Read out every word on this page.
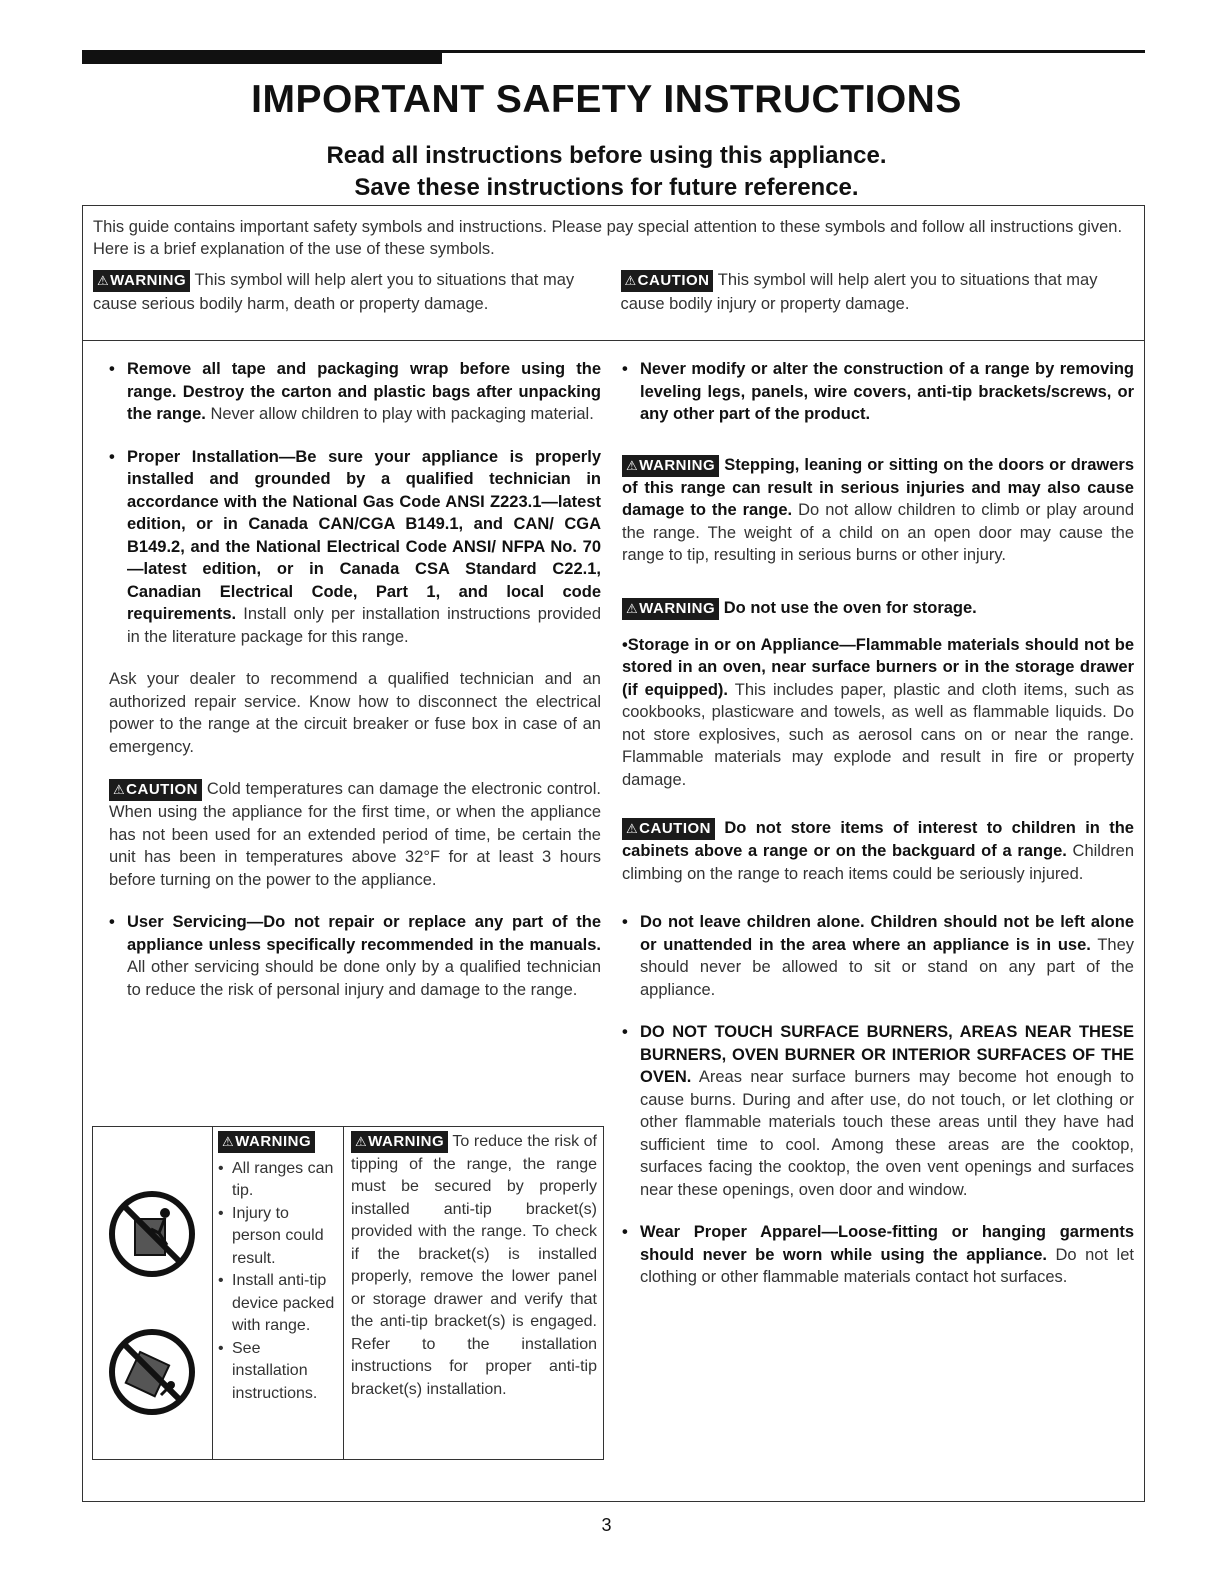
IMPORTANT SAFETY INSTRUCTIONS
Read all instructions before using this appliance.
Save these instructions for future reference.

This guide contains important safety symbols and instructions. Please pay special attention to these symbols and follow all instructions given. Here is a brief explanation of the use of these symbols.

⚠WARNING This symbol will help alert you to situations that may cause serious bodily harm, death or property damage.
⚠CAUTION This symbol will help alert you to situations that may cause bodily injury or property damage.
• Remove all tape and packaging wrap before using the range. Destroy the carton and plastic bags after unpacking the range. Never allow children to play with packaging material.
• Proper Installation—Be sure your appliance is properly installed and grounded by a qualified technician in accordance with the National Gas Code ANSI Z223.1—latest edition, or in Canada CAN/CGA B149.1, and CAN/ CGA B149.2, and the National Electrical Code ANSI/ NFPA No. 70—latest edition, or in Canada CSA Standard C22.1, Canadian Electrical Code, Part 1, and local code requirements. Install only per installation instructions provided in the literature package for this range.
Ask your dealer to recommend a qualified technician and an authorized repair service. Know how to disconnect the electrical power to the range at the circuit breaker or fuse box in case of an emergency.
⚠CAUTION Cold temperatures can damage the electronic control. When using the appliance for the first time, or when the appliance has not been used for an extended period of time, be certain the unit has been in temperatures above 32°F for at least 3 hours before turning on the power to the appliance.
• User Servicing—Do not repair or replace any part of the appliance unless specifically recommended in the manuals. All other servicing should be done only by a qualified technician to reduce the risk of personal injury and damage to the range.
⚠WARNING
• All ranges can tip.
• Injury to person could result.
• Install anti-tip device packed with range.
• See installation instructions.
⚠WARNING To reduce the risk of tipping of the range, the range must be secured by properly installed anti-tip bracket(s) provided with the range. To check if the bracket(s) is installed properly, remove the lower panel or storage drawer and verify that the anti-tip bracket(s) is engaged. Refer to the installation instructions for proper anti-tip bracket(s) installation.
• Never modify or alter the construction of a range by removing leveling legs, panels, wire covers, anti-tip brackets/screws, or any other part of the product.
⚠WARNING Stepping, leaning or sitting on the doors or drawers of this range can result in serious injuries and may also cause damage to the range. Do not allow children to climb or play around the range. The weight of a child on an open door may cause the range to tip, resulting in serious burns or other injury.
⚠WARNING Do not use the oven for storage.
•Storage in or on Appliance—Flammable materials should not be stored in an oven, near surface burners or in the storage drawer (if equipped). This includes paper, plastic and cloth items, such as cookbooks, plasticware and towels, as well as flammable liquids. Do not store explosives, such as aerosol cans on or near the range. Flammable materials may explode and result in fire or property damage.
⚠CAUTION Do not store items of interest to children in the cabinets above a range or on the backguard of a range. Children climbing on the range to reach items could be seriously injured.
• Do not leave children alone. Children should not be left alone or unattended in the area where an appliance is in use. They should never be allowed to sit or stand on any part of the appliance.
• DO NOT TOUCH SURFACE BURNERS, AREAS NEAR THESE BURNERS, OVEN BURNER OR INTERIOR SURFACES OF THE OVEN. Areas near surface burners may become hot enough to cause burns. During and after use, do not touch, or let clothing or other flammable materials touch these areas until they have had sufficient time to cool. Among these areas are the cooktop, surfaces facing the cooktop, the oven vent openings and surfaces near these openings, oven door and window.
• Wear Proper Apparel—Loose-fitting or hanging garments should never be worn while using the appliance. Do not let clothing or other flammable materials contact hot surfaces.
3
